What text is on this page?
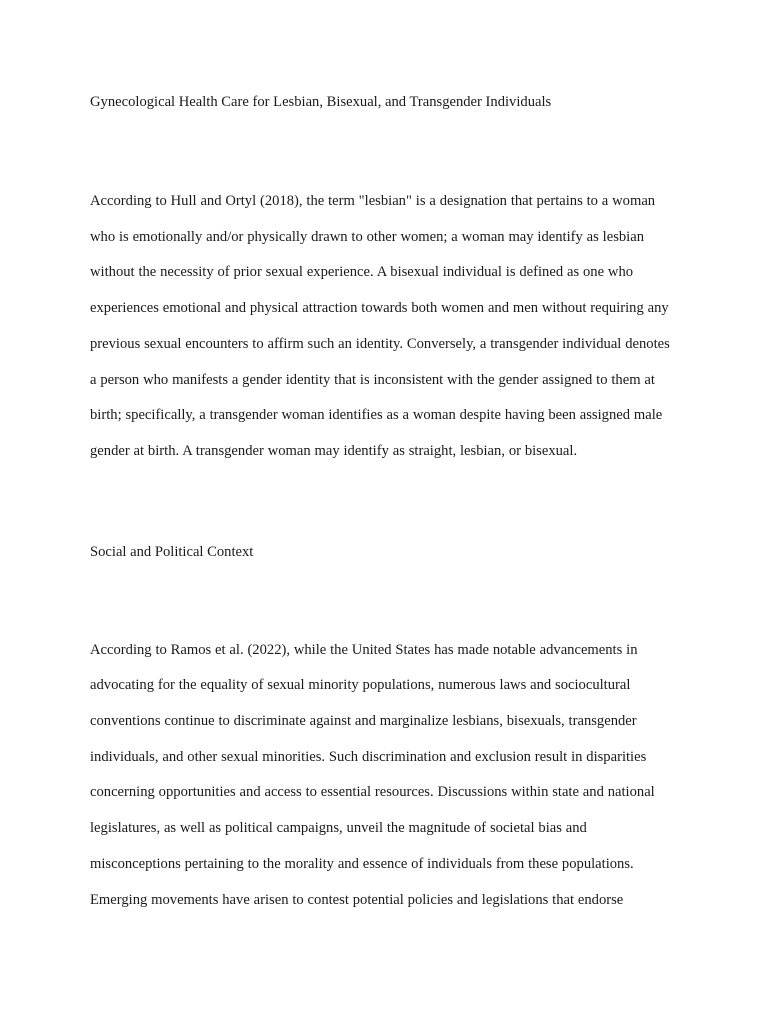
Gynecological Health Care for Lesbian, Bisexual, and Transgender Individuals

According to Hull and Ortyl (2018), the term "lesbian" is a designation that pertains to a woman who is emotionally and/or physically drawn to other women; a woman may identify as lesbian without the necessity of prior sexual experience. A bisexual individual is defined as one who experiences emotional and physical attraction towards both women and men without requiring any previous sexual encounters to affirm such an identity. Conversely, a transgender individual denotes a person who manifests a gender identity that is inconsistent with the gender assigned to them at birth; specifically, a transgender woman identifies as a woman despite having been assigned male gender at birth. A transgender woman may identify as straight, lesbian, or bisexual.

Social and Political Context

According to Ramos et al. (2022), while the United States has made notable advancements in advocating for the equality of sexual minority populations, numerous laws and sociocultural conventions continue to discriminate against and marginalize lesbians, bisexuals, transgender individuals, and other sexual minorities. Such discrimination and exclusion result in disparities concerning opportunities and access to essential resources. Discussions within state and national legislatures, as well as political campaigns, unveil the magnitude of societal bias and misconceptions pertaining to the morality and essence of individuals from these populations. Emerging movements have arisen to contest potential policies and legislations that endorse
